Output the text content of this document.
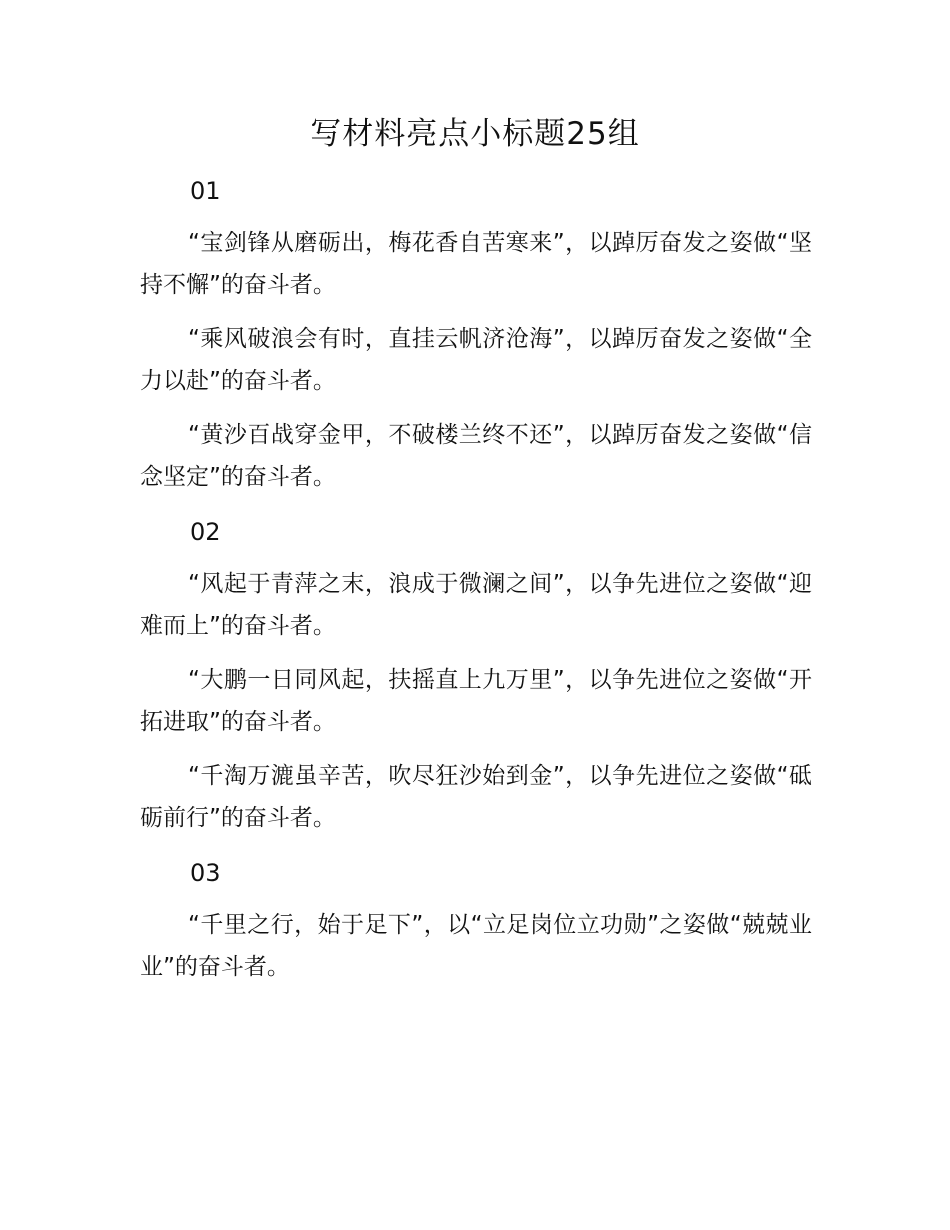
写材料亮点小标题25组
01

“宝剑锋从磨砺出，梅花香自苦寒来”，以踔厉奋发之姿做“坚持不懈”的奋斗者。

“乘风破浪会有时，直挂云帆济沧海”，以踔厉奋发之姿做“全力以赴”的奋斗者。

“黄沙百战穿金甲，不破楼兰终不还”，以踔厉奋发之姿做“信念坚定”的奋斗者。

02

“风起于青萍之末，浪成于微澜之间”，以争先进位之姿做“迎难而上”的奋斗者。

“大鹏一日同风起，扶摇直上九万里”，以争先进位之姿做“开拓进取”的奋斗者。

“千淘万漉虽辛苦，吹尽狂沙始到金”，以争先进位之姿做“砥砺前行”的奋斗者。

03

“千里之行，始于足下”，以“立足岗位立功勋”之姿做“兢兢业业”的奋斗者。
